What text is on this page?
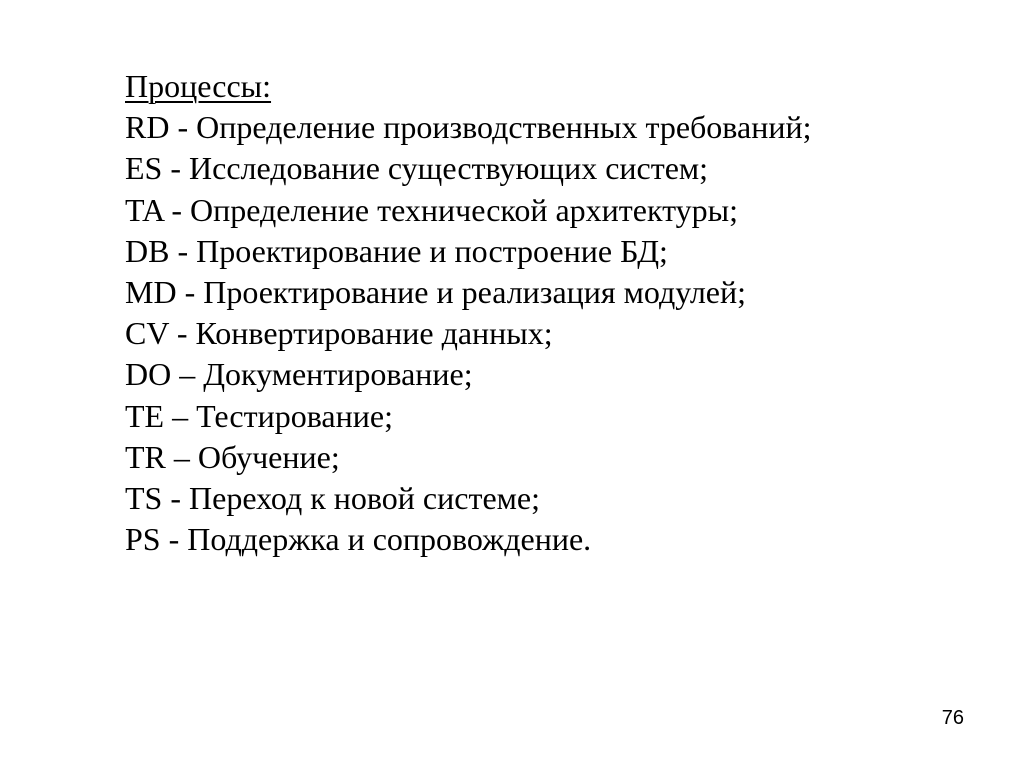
Процессы:
RD - Определение производственных требований;
ES - Исследование существующих систем;
TA - Определение технической архитектуры;
DB - Проектирование и построение БД;
MD - Проектирование и реализация модулей;
CV - Конвертирование данных;
DO – Документирование;
TE – Тестирование;
TR – Обучение;
TS - Переход к новой системе;
PS - Поддержка и сопровождение.
76
